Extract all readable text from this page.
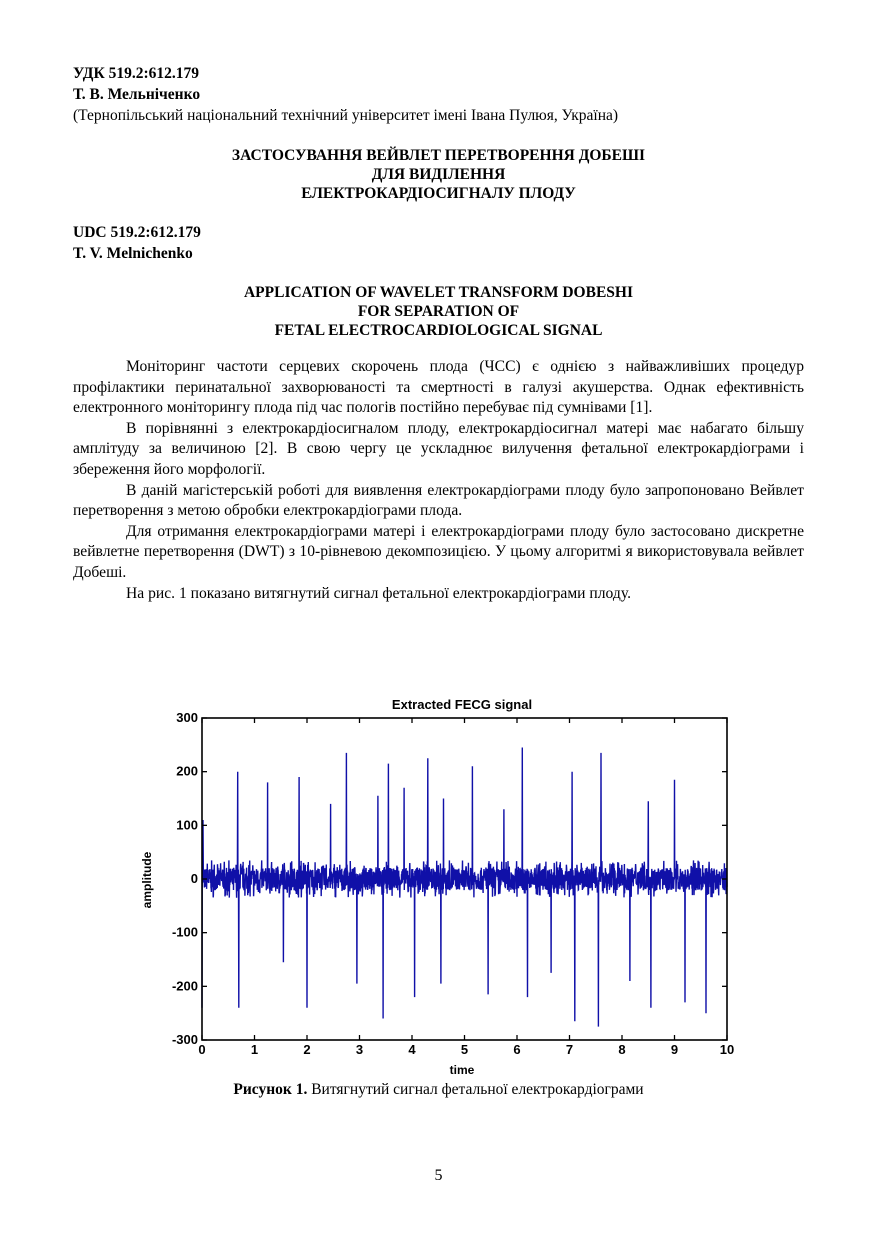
УДК 519.2:612.179
Т. В. Мельніченко
(Тернопільський національний технічний університет імені Івана Пулюя, Україна)
ЗАСТОСУВАННЯ ВЕЙВЛЕТ ПЕРЕТВОРЕННЯ ДОБЕШІ
ДЛЯ ВИДІЛЕННЯ
ЕЛЕКТРОКАРДІОСИГНАЛУ ПЛОДУ
UDC 519.2:612.179
T. V. Melnichenko
APPLICATION OF WAVELET TRANSFORM DOBESHI
FOR SEPARATION OF
FETAL ELECTROCARDIOLOGICAL SIGNAL

Моніторинг частоти серцевих скорочень плода (ЧСС) є однією з найважливіших процедур профілактики перинатальної захворюваності та смертності в галузі акушерства. Однак ефективність електронного моніторингу плода під час пологів постійно перебуває під сумнівами [1].

В порівнянні з електрокардіосигналом плоду, електрокардіосигнал матері має набагато більшу амплітуду за величиною [2]. В свою чергу це ускладнює вилучення фетальної електрокардіограми і збереження його морфології.

В даній магістерській роботі для виявлення електрокардіограми плоду було запропоновано Вейвлет перетворення з метою обробки електрокардіограми плода.

Для отримання електрокардіограми матері і електрокардіограми плоду було застосовано дискретне вейвлетне перетворення (DWT) з 10-рівневою декомпозицією. У цьому алгоритмі я використовувала вейвлет Добеші.

На рис. 1 показано витягнутий сигнал фетальної електрокардіограми плоду.

Extracted FECG signal
0	1	2	3	4	5	6	7	8	9	10
300
200
100
0
-100
-200
-300
time
amplitude
Рисунок 1. Витягнутий сигнал фетальної електрокардіограми
5
